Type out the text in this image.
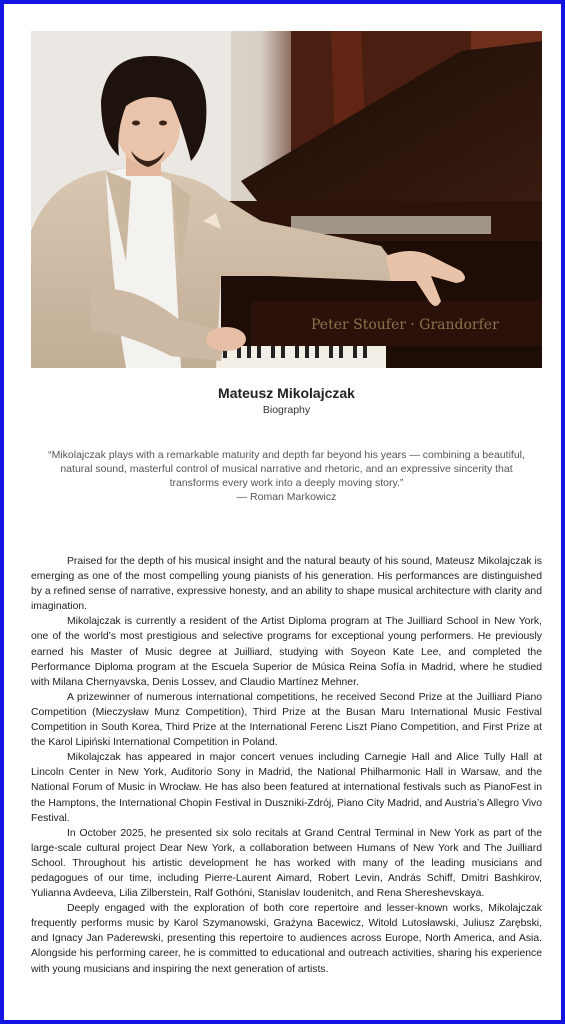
Peter Stoufer · Grandorfer
Mateusz Mikolajczak
Biography
“Mikolajczak plays with a remarkable maturity and depth far beyond his years — combining a beautiful, natural sound, masterful control of musical narrative and rhetoric, and an expressive sincerity that
transforms every work into a deeply moving story.”
— Roman Markowicz

Praised for the depth of his musical insight and the natural beauty of his sound, Mateusz Mikolajczak is emerging as one of the most compelling young pianists of his generation. His performances are distinguished by a refined sense of narrative, expressive honesty, and an ability to shape musical architecture with clarity and imagination.

Mikolajczak is currently a resident of the Artist Diploma program at The Juilliard School in New York, one of the world’s most prestigious and selective programs for exceptional young performers. He previously earned his Master of Music degree at Juilliard, studying with Soyeon Kate Lee, and completed the Performance Diploma program at the Escuela Superior de Música Reina Sofía in Madrid, where he studied with Milana Chernyavska, Denis Lossev, and Claudio Martínez Mehner.

A prizewinner of numerous international competitions, he received Second Prize at the Juilliard Piano Competition (Mieczysław Munz Competition), Third Prize at the Busan Maru International Music Festival Competition in South Korea, Third Prize at the International Ferenc Liszt Piano Competition, and First Prize at the Karol Lipiński International Competition in Poland.

Mikolajczak has appeared in major concert venues including Carnegie Hall and Alice Tully Hall at Lincoln Center in New York, Auditorio Sony in Madrid, the National Philharmonic Hall in Warsaw, and the National Forum of Music in Wrocław. He has also been featured at international festivals such as PianoFest in the Hamptons, the International Chopin Festival in Duszniki-Zdrój, Piano City Madrid, and Austria’s Allegro Vivo Festival.

In October 2025, he presented six solo recitals at Grand Central Terminal in New York as part of the large-scale cultural project Dear New York, a collaboration between Humans of New York and The Juilliard School. Throughout his artistic development he has worked with many of the leading musicians and pedagogues of our time, including Pierre-Laurent Aimard, Robert Levin, András Schiff, Dmitri Bashkirov, Yulianna Avdeeva, Lilia Zilberstein, Ralf Gothóni, Stanislav Ioudenitch, and Rena Shereshevskaya.

Deeply engaged with the exploration of both core repertoire and lesser-known works, Mikolajczak frequently performs music by Karol Szymanowski, Grażyna Bacewicz, Witold Lutosławski, Juliusz Zarębski, and Ignacy Jan Paderewski, presenting this repertoire to audiences across Europe, North America, and Asia. Alongside his performing career, he is committed to educational and outreach activities, sharing his experience with young musicians and inspiring the next generation of artists.
